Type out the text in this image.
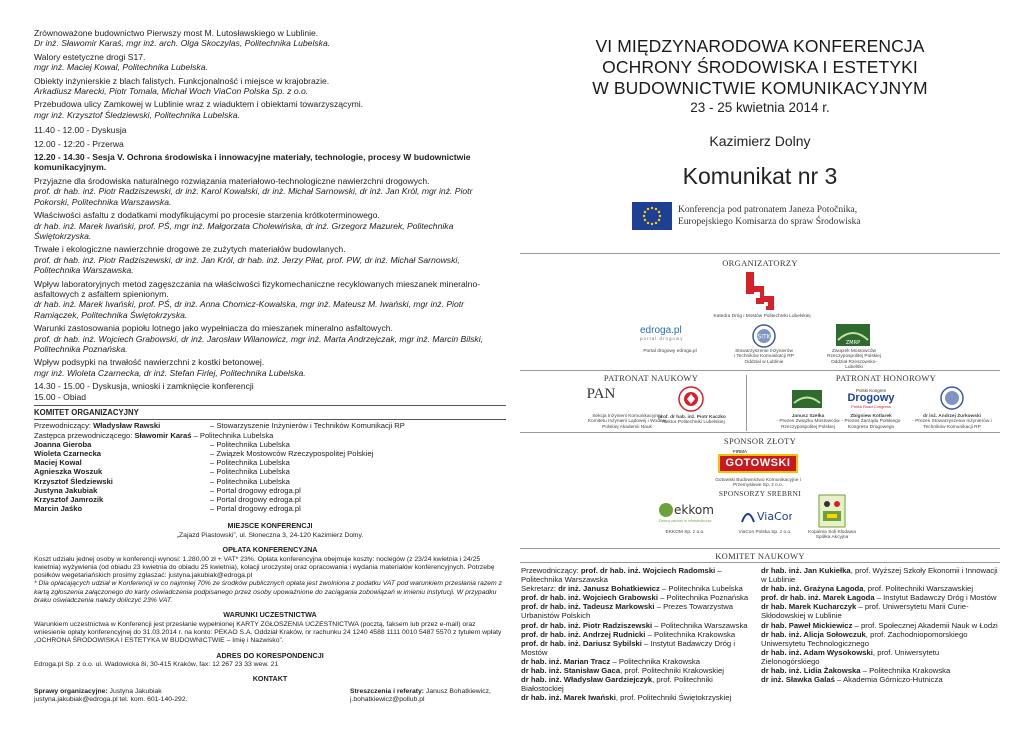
Zrównoważone budownictwo Pierwszy most M. Lutosławskiego w Lublinie.
Dr inż. Sławomir Karaś, mgr inż. arch. Olga Skoczylas, Politechnika Lubelska.

Walory estetyczne drogi S17.
mgr inż. Maciej Kowal, Politechnika Lubelska.

Obiekty inżynierskie z blach falistych. Funkcjonalność i miejsce w krajobrazie.
Arkadiusz Marecki, Piotr Tomala, Michał Woch ViaCon Polska Sp. z o.o.

Przebudowa ulicy Zamkowej w Lublinie wraz z wiaduktem i obiektami towarzyszącymi.
mgr inż. Krzysztof Śledziewski, Politechnika Lubelska.

11.40 - 12.00 - Dyskusja

12.00 - 12:20 - Przerwa

12.20 - 14.30 - Sesja V. Ochrona środowiska i innowacyjne materiały, technologie, procesy W budownictwie komunikacyjnym.

Przyjazne dla środowiska naturalnego rozwiązania materiałowo-technologiczne nawierzchni drogowych.
prof. dr hab. inż. Piotr Radziszewski, dr inż. Karol Kowalski, dr inż. Michał Sarnowski, dr inż. Jan Król, mgr inż. Piotr Pokorski, Politechnika Warszawska.

Właściwości asfaltu z dodatkami modyfikującymi po procesie starzenia krótkoterminowego.
dr hab. inż. Marek Iwański, prof. PŚ, mgr inż. Małgorzata Cholewińska, dr inż. Grzegorz Mazurek, Politechnika Świętokrzyska.

Trwałe i ekologiczne nawierzchnie drogowe ze zużytych materiałów budowlanych.
prof. dr hab. inż. Piotr Radziszewski, dr inż. Jan Król, dr hab. inż. Jerzy Piłat, prof. PW, dr inż. Michał Sarnowski, Politechnika Warszawska.

Wpływ laboratoryjnych metod zagęszczania na właściwości fizykomechaniczne recyklowanych mieszanek mineralno-asfaltowych z asfaltem spienionym.
dr hab. inż. Marek Iwański, prof. PŚ, dr inż. Anna Chomicz-Kowalska, mgr inż. Mateusz M. Iwański, mgr inż. Piotr Ramiączek, Politechnika Świętokrzyska.

Warunki zastosowania popiołu lotnego jako wypełniacza do mieszanek mineralno asfaltowych.
prof. dr hab. inż. Wojciech Grabowski, dr inż. Jarosław Wilanowicz, mgr inż. Marta Andrzejczak, mgr inż. Marcin Bilski, Politechnika Poznańska.

Wpływ podsypki na trwałość nawierzchni z kostki betonowej.
mgr inż. Wioleta Czarnecka, dr inż. Stefan Firlej, Politechnika Lubelska.

14.30 - 15.00 - Dyskusja, wnioski i zamknięcie konferencji

15.00 - Obiad

KOMITET ORGANIZACYJNY
Przewodniczący: Władysław Rawski	– Stowarzyszenie Inżynierów i Techników Komunikacji RP
Zastępca przewodniczącego: Sławomir Karaś – Politechnika Lubelska
Joanna Gieroba	– Politechnika Lubelska
Wioleta Czarnecka	– Związek Mostowców Rzeczypospolitej Polskiej
Maciej Kowal	– Politechnika Lubelska
Agnieszka Woszuk	– Politechnika Lubelska
Krzysztof Śledziewski	– Politechnika Lubelska
Justyna Jakubiak	– Portal drogowy edroga.pl
Krzysztof Jamrozik	– Portal drogowy edroga.pl
Marcin Jaśko	– Portal drogowy edroga.pl
MIEJSCE KONFERENCJI
„Zajazd Piastowski”, ul. Słoneczna 3, 24-120 Kazimierz Dolny.
OPŁATA KONFERENCYJNA
Koszt udziału jednej osoby w konferencji wynosi: 1.280,00 zł + VAT* 23%. Opłata konferencyjna obejmuje koszty: noclegów (z 23/24 kwietnia i 24/25 kwietnia) wyżywienia (od obiadu 23 kwietnia do obiadu 25 kwietnia), kolacji uroczystej oraz opracowania i wydania materiałów konferencyjnych. Potrzebę posiłków wegetariańskich prosimy zgłaszać: justyna.jakubiak@edroga.pl
* Dla opłacających udział w Konferencji w co najmniej 70% ze środków publicznych opłata jest zwolniona z podatku VAT pod warunkiem przesłania razem z kartą zgłoszenia załączonego do karty oświadczenia podpisanego przez osoby upoważnione do zaciągania zobowiązań w imieniu instytucji. W przypadku braku oświadczenia należy doliczyć 23% VAT.
WARUNKI UCZESTNICTWA
Warunkiem uczestnictwa w Konferencji jest przesłanie wypełnionej KARTY ZGŁOSZENIA UCZESTNICTWA (pocztą, faksem lub przez e-mail) oraz wniesienie opłaty konferencyjnej do 31.03.2014 r. na konto: PEKAO S.A. Oddział Kraków, nr rachunku 24 1240 4588 1111 0010 5487 5570 z tytułem wpłaty „OCHRONA ŚRODOWISKA I ESTETYKA W BUDOWNICTWIE – Imię i Nazwisko”.
ADRES DO KORESPONDENCJI
Edroga.pl Sp. z o.o. ul. Wadowicka 8i, 30-415 Kraków, fax: 12 267 23 33 wew. 21
KONTAKT
Sprawy organizacyjne: Justyna Jakubiak
justyna.jakubiak@edroga.pl tel. kom. 601-140-292.
Streszczenia i referaty: Janusz Bohatkiewicz,
j.bohatkiewicz@pollub.pl
VI MIĘDZYNARODOWA KONFERENCJA
OCHRONY ŚRODOWISKA I ESTETYKI
W BUDOWNICTWIE KOMUNIKACYJNYM
23 - 25 kwietnia 2014 r.
Kazimierz Dolny
Komunikat nr 3
Konferencja pod patronatem Janeza Potočnika,
Europejskiego Komisarza do spraw Środowiska
ORGANIZATORZY
Katedra Dróg i Mostów Politechniki Lubelskiej
edroga.pl
portal drogowy
Portal drogowy edroga.pl
SITK
Stowarzyszenie Inżynierów i Techników Komunikacji RP Oddział w Lublinie
ZMRP
Związek Mostowców Rzeczypospolitej Polskiej Oddział Rzeszowsko-Lubelski
PATRONAT NAUKOWY	PATRONAT HONOROWY
PAN
Sekcja Inżynierii Komunikacyjnej Komitetu Inżynierii Lądowej i Wodnej Polskiej Akademii Nauk
prof. dr hab. inż. Piotr Kaczko
- Rektor Politechniki Lubelskiej
Janusz Szelka
- Prezes Związku Mostowców Rzeczypospolitej Polskiej
Polski Kongres
Drogowy
Polish Road Congress
Zbigniew Kotlarek
- Prezes Zarządu Polskiego Kongresu Drogowego
dr inż. Andrzej Żurkowski
- Prezes Stowarzyszenia Inżynierów i Techników Komunikacji RP
SPONSOR ZŁOTY
FIRMA
GOTOWSKI
Gotowski Budownictwo Komunikacyjne i Przemysłowe Sp. z o.o.
SPONSORZY SREBRNI
ekkom
Zielony partner w infrastrukturze
EKKOM Sp. z o.o.
ViaCon
ViaCon Polska Sp. z o.o.	Kopalnia Soli Kłodawa Spółka Akcyjna
KOMITET NAUKOWY
Przewodniczący: prof. dr hab. inż. Wojciech Radomski – Politechnika Warszawska
Sekretarz: dr inż. Janusz Bohatkiewicz – Politechnika Lubelska
prof. dr hab. inż. Wojciech Grabowski – Politechnika Poznańska
prof. dr hab. inż. Tadeusz Markowski – Prezes Towarzystwa Urbanistów Polskich
prof. dr hab. inż. Piotr Radziszewski – Politechnika Warszawska
prof. dr hab. inż. Andrzej Rudnicki – Politechnika Krakowska
prof. dr hab. inż. Dariusz Sybilski – Instytut Badawczy Dróg i Mostów
dr hab. inż. Marian Tracz – Politechnika Krakowska
dr hab. inż. Stanisław Gaca, prof. Politechniki Krakowskiej
dr hab. inż. Władysław Gardziejczyk, prof. Politechniki Białostockiej
dr hab. inż. Marek Iwański, prof. Politechniki Świętokrzyskiej
dr hab. inż. Jan Kukiełka, prof. Wyższej Szkoły Ekonomii i Innowacji w Lublinie
dr hab. inż. Grażyna Łagoda, prof. Politechniki Warszawskiej
prof. dr hab. inż. Marek Łagoda – Instytut Badawczy Dróg i Mostów
dr hab. Marek Kucharczyk – prof. Uniwersytetu Marii Curie-Skłodowskiej w Lublinie
dr hab. Paweł Mickiewicz – prof. Społecznej Akademii Nauk w Łodzi
dr hab. inż. Alicja Sołowczuk, prof. Zachodniopomorskiego Uniwersytetu Technologicznego
dr hab. inż. Adam Wysokowski, prof. Uniwersytetu Zielonogórskiego
dr hab. inż. Lidia Żakowska – Politechnika Krakowska
dr inż. Sławka Galaś – Akademia Górniczo-Hutnicza
